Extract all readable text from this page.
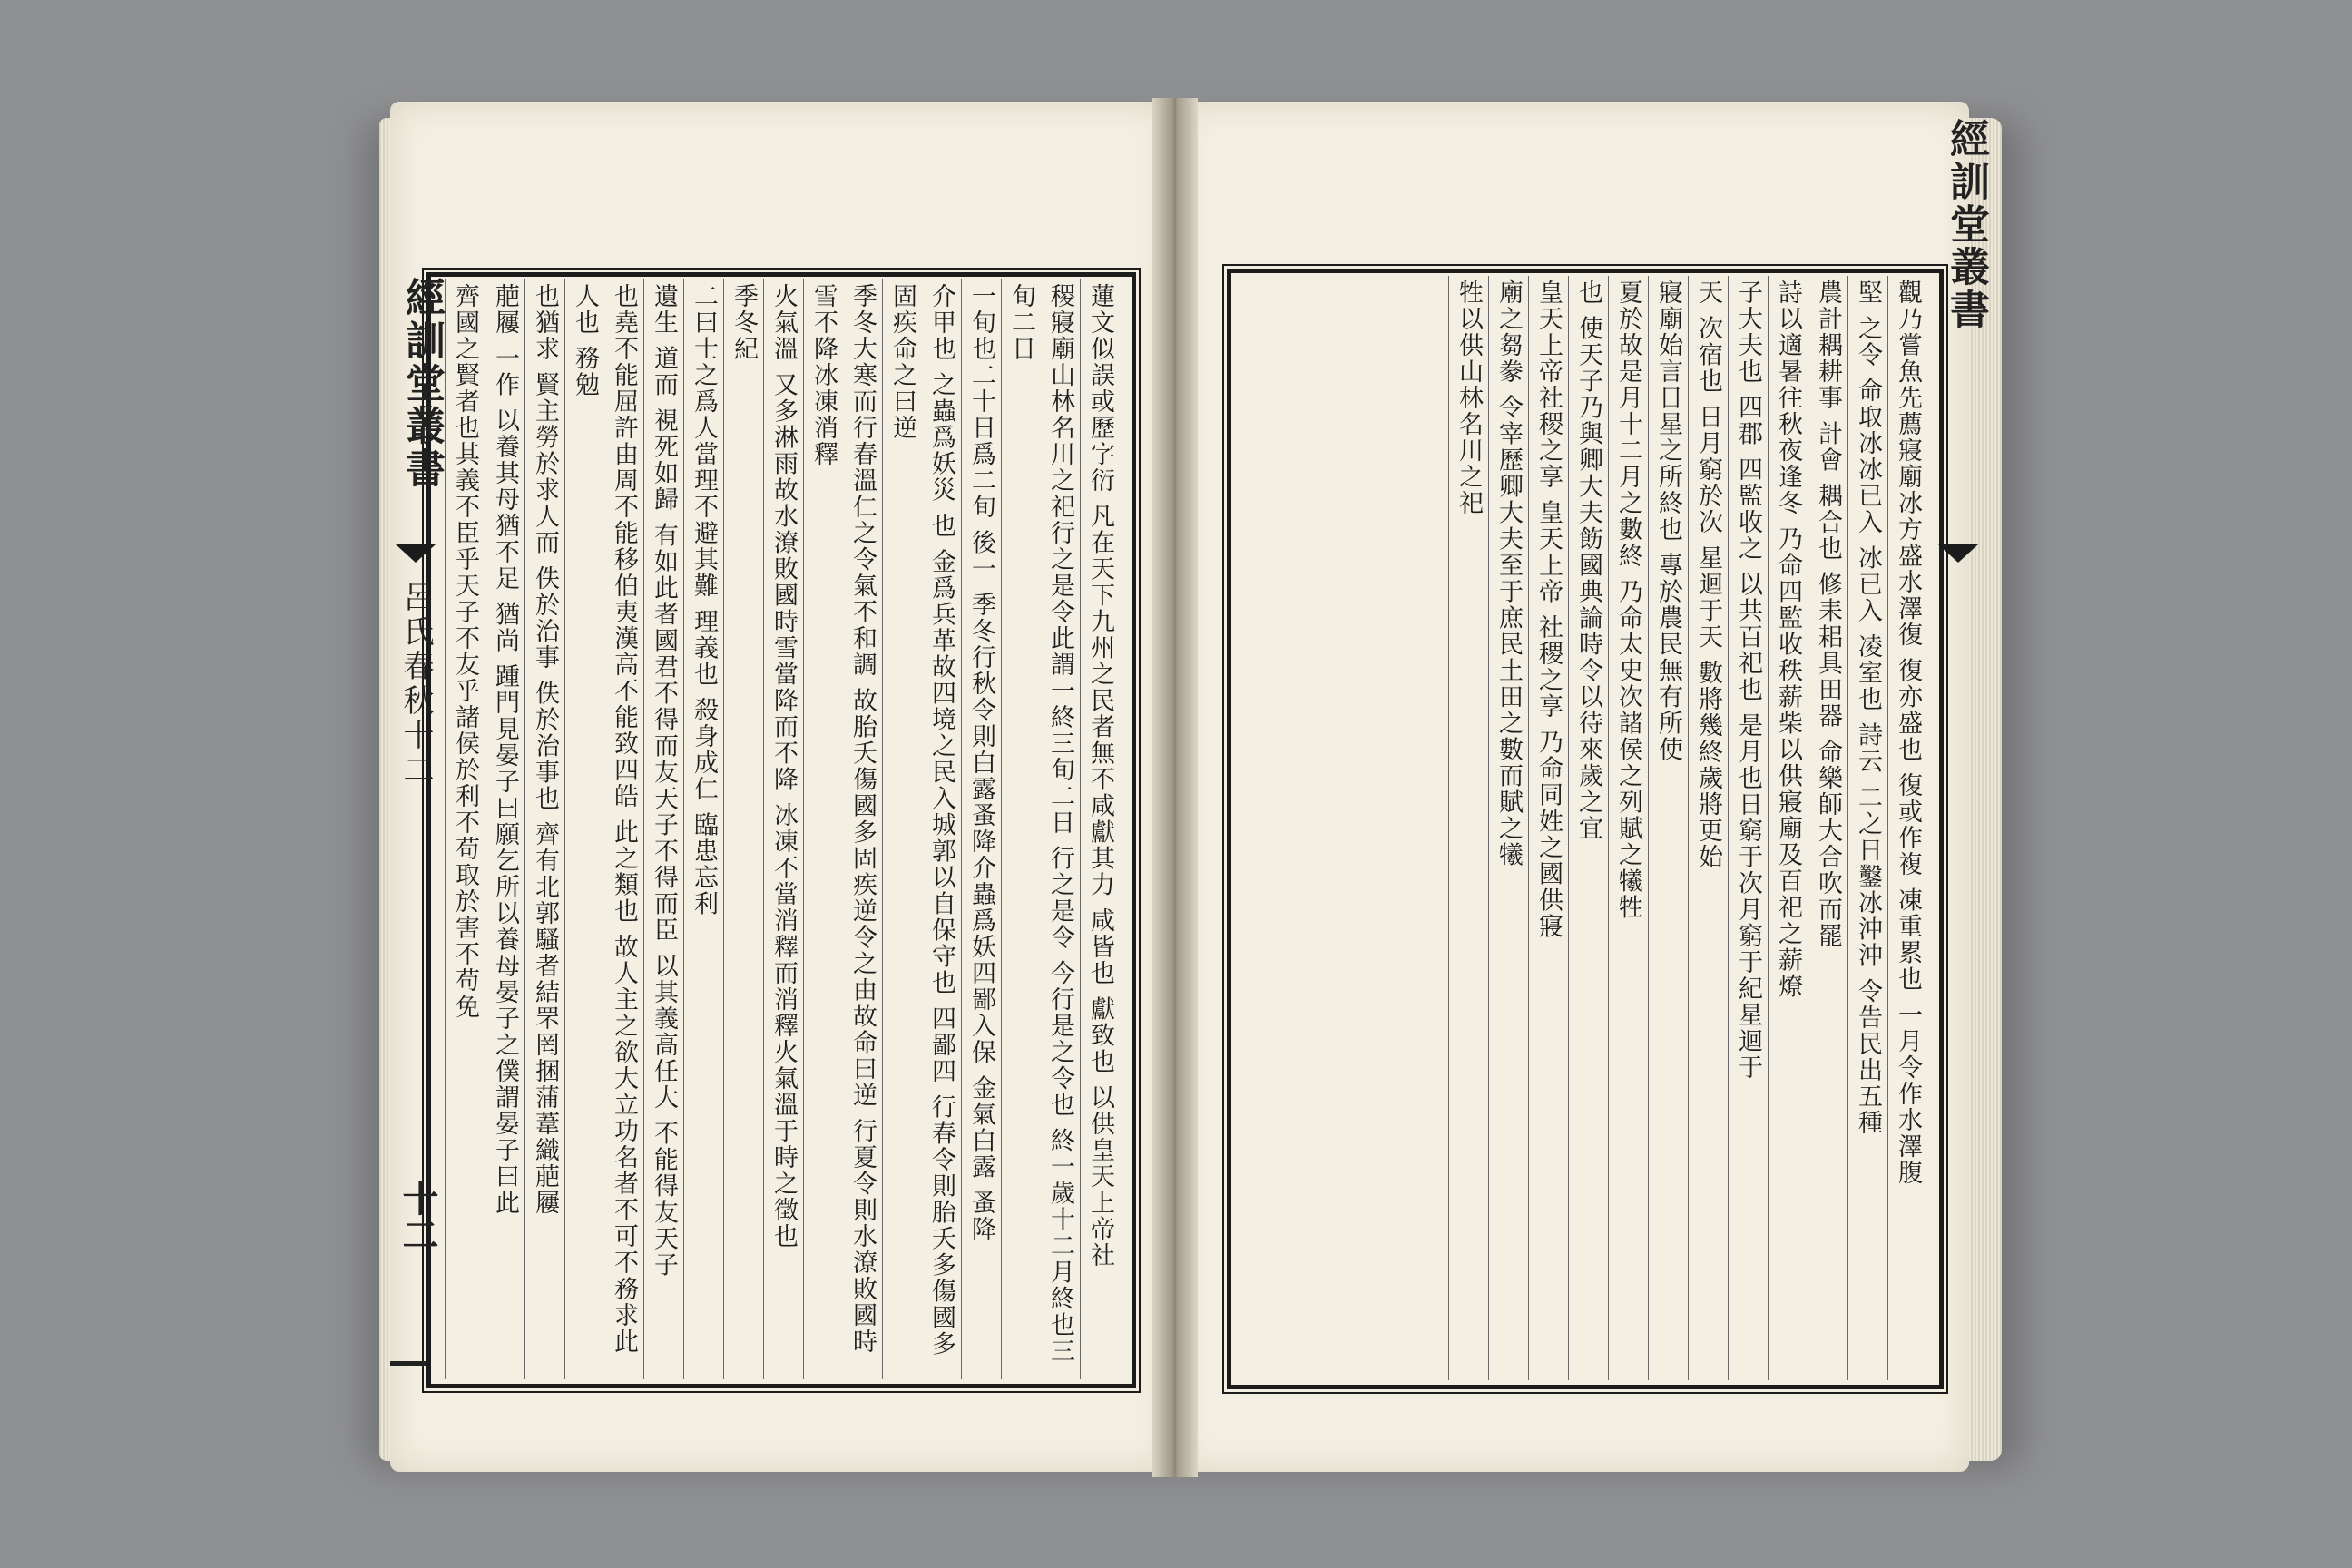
蓮文似誤或歷字衍 凡在天下九州之民者無不咸獻其力 咸皆也 獻致也 以供皇天上帝社
稷寢廟山林名川之祀行之是令此謂一終三旬二日 行之是令 今行是之令也 終一歲十二月終也三旬二日
一旬也二十日爲二旬 後一 季冬行秋令則白露蚤降介蟲爲妖四鄙入保 金氣白露 蚤降
介甲也 之蟲爲妖災 也 金爲兵革故四境之民入城郭以自保守也 四鄙四 行春令則胎夭多傷國多固疾命之曰逆
季冬大寒而行春溫仁之令氣不和調 故胎夭傷國多固疾逆令之由故命曰逆 行夏令則水潦敗國時雪不降冰凍消釋
火氣溫 又多淋雨故水潦敗國時雪當降而不降 冰凍不當消釋而消釋火氣溫于時之徵也
季冬紀
二曰士之爲人當理不避其難 理義也 殺身成仁 臨患忘利
遺生 道而 視死如歸 有如此者國君不得而友天子不得而臣 以其義高任大 不能得友天子
也堯不能屈許由周不能移伯夷漢高不能致四皓 此之類也 故人主之欲大立功名者不可不務求此人也 務勉
也猶求 賢主勞於求人而 佚於治事 佚於治事也 齊有北郭騷者結罘罔捆蒲葦織萉屨
萉屨 一作 以養其母猶不足 猶尚 踵門見晏子曰願乞所以養母晏子之僕謂晏子曰此
齊國之賢者也其義不臣乎天子不友乎諸侯於利不苟取於害不苟免
經訓堂叢書
呂氏春秋十二
十二
觀乃嘗魚先薦寢廟冰方盛水澤復 復亦盛也 復或作複 凍重累也 一月令作水澤腹
堅 之令 命取冰冰已入 冰已入 凌室也 詩云 二之日鑿冰沖沖 令告民出五種
農計耦耕事 計會 耦合也 修耒耜具田器 命樂師大合吹而罷
詩以適暑往秋夜逢冬 乃命四監收秩薪柴以供寢廟及百祀之薪燎
子大夫也 四郡 四監收之 以共百祀也 是月也日窮于次月窮于紀星迴于
天 次宿也 日月窮於次 星迴于天 數將幾終歲將更始
寢廟始言日星之所終也 專於農民無有所使
夏於故是月十二月之數終 乃命太史次諸侯之列賦之犧牲
也 使天子乃與卿大夫飭國典論時令以待來歲之宜
皇天上帝社稷之享 皇天上帝 社稷之享 乃命同姓之國供寢
廟之芻豢 令宰歷卿大夫至于庶民土田之數而賦之犧
牲以供山林名川之祀
經訓堂叢書
